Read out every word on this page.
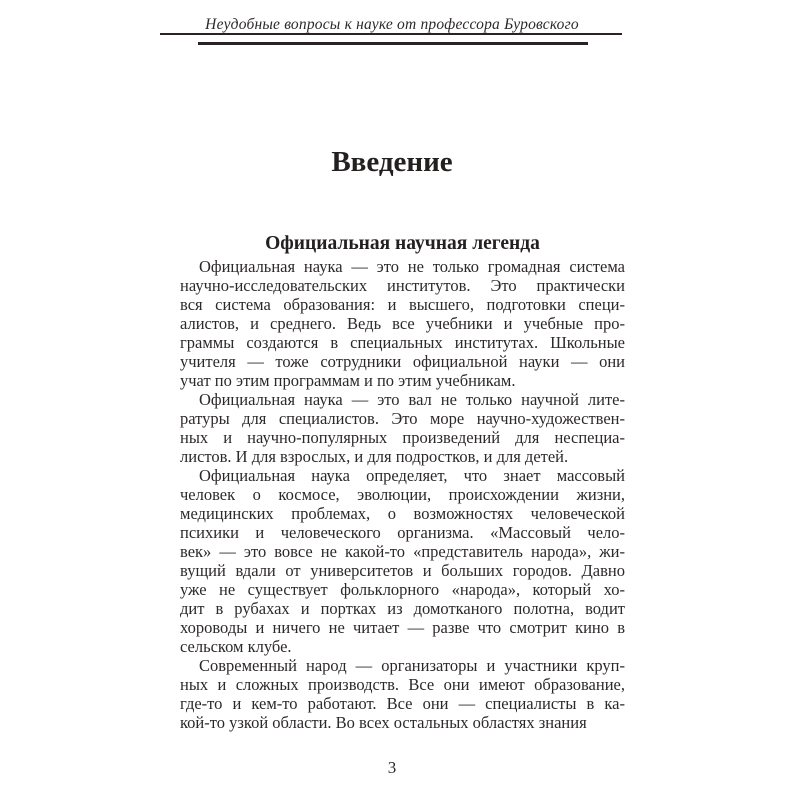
Неудобные вопросы к науке от профессора Буровского
Введение
Официальная научная легенда
Официальная наука — это не только громадная система
научно-исследовательских институтов. Это практически
вся система образования: и высшего, подготовки специ-
алистов, и среднего. Ведь все учебники и учебные про-
граммы создаются в специальных институтах. Школьные
учителя — тоже сотрудники официальной науки — они
учат по этим программам и по этим учебникам.
Официальная наука — это вал не только научной лите-
ратуры для специалистов. Это море научно-художествен-
ных и научно-популярных произведений для неспециа-
листов. И для взрослых, и для подростков, и для детей.
Официальная наука определяет, что знает массовый
человек о космосе, эволюции, происхождении жизни,
медицинских проблемах, о возможностях человеческой
психики и человеческого организма. «Массовый чело-
век» — это вовсе не какой-то «представитель народа», жи-
вущий вдали от университетов и больших городов. Давно
уже не существует фольклорного «народа», который хо-
дит в рубахах и портках из домотканого полотна, водит
хороводы и ничего не читает — разве что смотрит кино в
сельском клубе.
Современный народ — организаторы и участники круп-
ных и сложных производств. Все они имеют образование,
где-то и кем-то работают. Все они — специалисты в ка-
кой-то узкой области. Во всех остальных областях знания
3
